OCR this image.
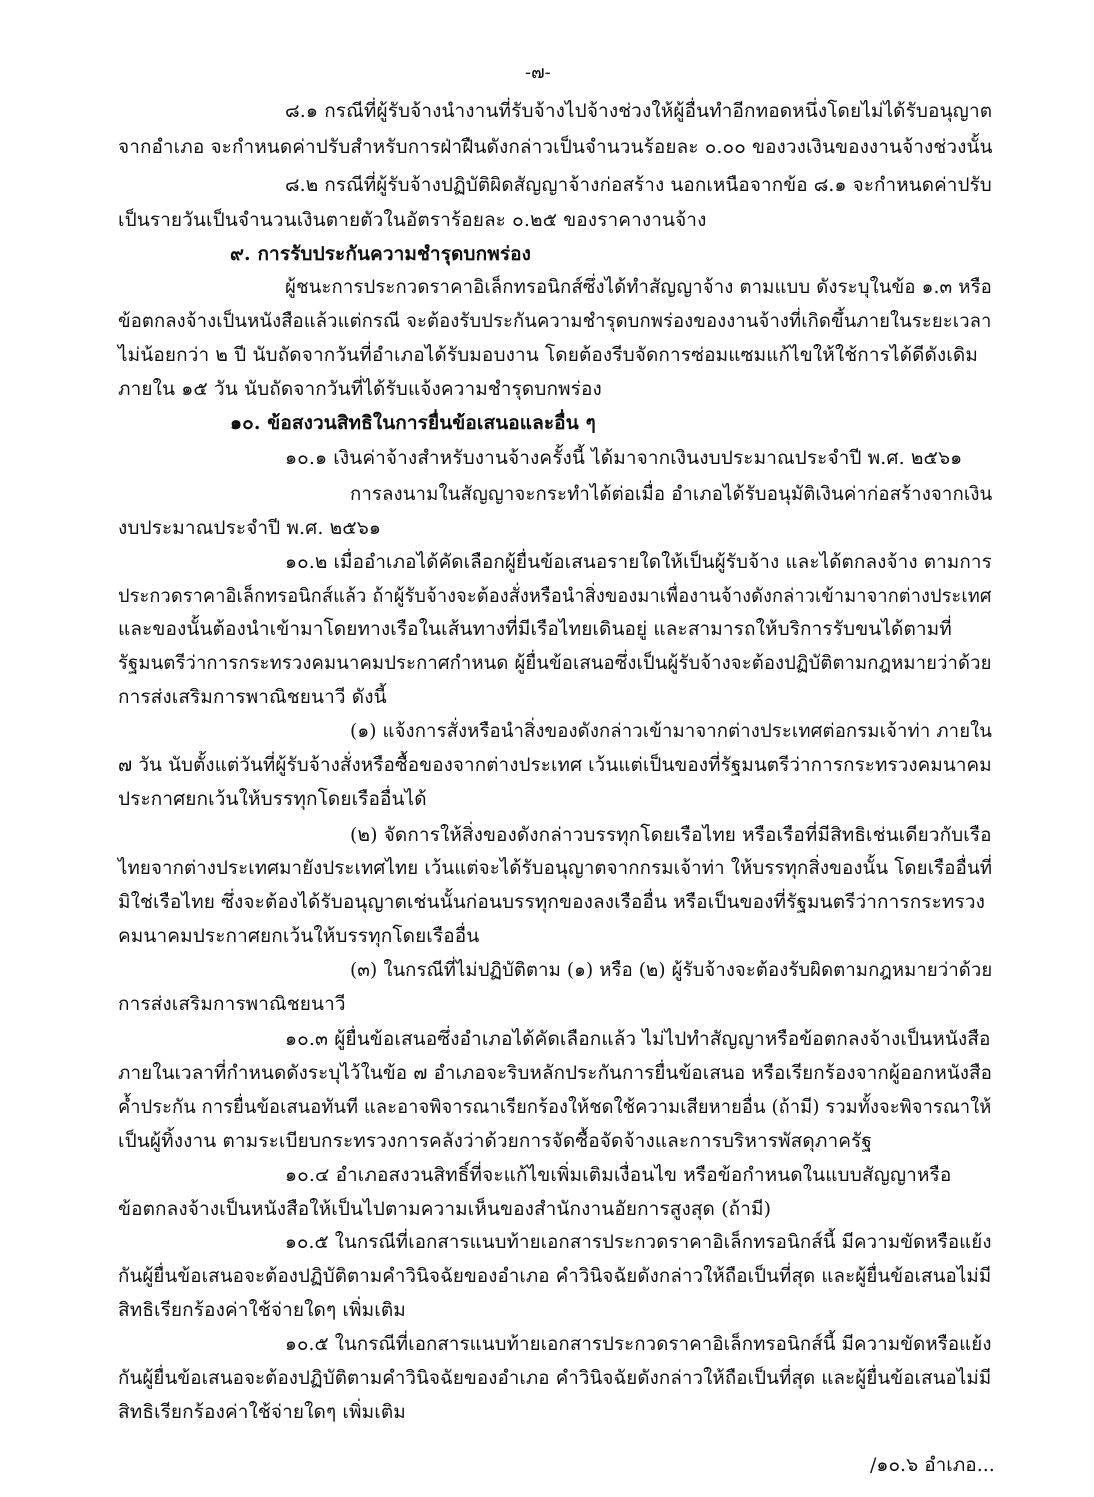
-๗-
๘.๑ กรณีที่ผู้รับจ้างนำงานที่รับจ้างไปจ้างช่วงให้ผู้อื่นทำอีกทอดหนึ่งโดยไม่ได้รับอนุญาต
จากอำเภอ จะกำหนดค่าปรับสำหรับการฝ่าฝืนดังกล่าวเป็นจำนวนร้อยละ ๐.๐๐ ของวงเงินของงานจ้างช่วงนั้น
๘.๒ กรณีที่ผู้รับจ้างปฏิบัติผิดสัญญาจ้างก่อสร้าง นอกเหนือจากข้อ ๘.๑ จะกำหนดค่าปรับ
เป็นรายวันเป็นจำนวนเงินตายตัวในอัตราร้อยละ ๐.๒๕ ของราคางานจ้าง
๙. การรับประกันความชำรุดบกพร่อง
ผู้ชนะการประกวดราคาอิเล็กทรอนิกส์ซึ่งได้ทำสัญญาจ้าง ตามแบบ ดังระบุในข้อ ๑.๓ หรือ
ข้อตกลงจ้างเป็นหนังสือแล้วแต่กรณี จะต้องรับประกันความชำรุดบกพร่องของงานจ้างที่เกิดขึ้นภายในระยะเวลา
ไม่น้อยกว่า ๒ ปี นับถัดจากวันที่อำเภอได้รับมอบงาน โดยต้องรีบจัดการซ่อมแซมแก้ไขให้ใช้การได้ดีดังเดิม
ภายใน ๑๕ วัน นับถัดจากวันที่ได้รับแจ้งความชำรุดบกพร่อง
๑๐. ข้อสงวนสิทธิในการยื่นข้อเสนอและอื่น ๆ
๑๐.๑ เงินค่าจ้างสำหรับงานจ้างครั้งนี้ ได้มาจากเงินงบประมาณประจำปี พ.ศ. ๒๕๖๑
การลงนามในสัญญาจะกระทำได้ต่อเมื่อ อำเภอได้รับอนุมัติเงินค่าก่อสร้างจากเงิน
งบประมาณประจำปี พ.ศ. ๒๕๖๑
๑๐.๒ เมื่ออำเภอได้คัดเลือกผู้ยื่นข้อเสนอรายใดให้เป็นผู้รับจ้าง และได้ตกลงจ้าง ตามการ
ประกวดราคาอิเล็กทรอนิกส์แล้ว ถ้าผู้รับจ้างจะต้องสั่งหรือนำสิ่งของมาเพื่องานจ้างดังกล่าวเข้ามาจากต่างประเทศ
และของนั้นต้องนำเข้ามาโดยทางเรือในเส้นทางที่มีเรือไทยเดินอยู่ และสามารถให้บริการรับขนได้ตามที่
รัฐมนตรีว่าการกระทรวงคมนาคมประกาศกำหนด ผู้ยื่นข้อเสนอซึ่งเป็นผู้รับจ้างจะต้องปฏิบัติตามกฎหมายว่าด้วย
การส่งเสริมการพาณิชยนาวี ดังนี้
(๑) แจ้งการสั่งหรือนำสิ่งของดังกล่าวเข้ามาจากต่างประเทศต่อกรมเจ้าท่า ภายใน
๗ วัน นับตั้งแต่วันที่ผู้รับจ้างสั่งหรือซื้อของจากต่างประเทศ เว้นแต่เป็นของที่รัฐมนตรีว่าการกระทรวงคมนาคม
ประกาศยกเว้นให้บรรทุกโดยเรืออื่นได้
(๒) จัดการให้สิ่งของดังกล่าวบรรทุกโดยเรือไทย หรือเรือที่มีสิทธิเช่นเดียวกับเรือ
ไทยจากต่างประเทศมายังประเทศไทย เว้นแต่จะได้รับอนุญาตจากกรมเจ้าท่า ให้บรรทุกสิ่งของนั้น โดยเรืออื่นที่
มิใช่เรือไทย ซึ่งจะต้องได้รับอนุญาตเช่นนั้นก่อนบรรทุกของลงเรืออื่น หรือเป็นของที่รัฐมนตรีว่าการกระทรวง
คมนาคมประกาศยกเว้นให้บรรทุกโดยเรืออื่น
(๓) ในกรณีที่ไม่ปฏิบัติตาม (๑) หรือ (๒) ผู้รับจ้างจะต้องรับผิดตามกฎหมายว่าด้วย
การส่งเสริมการพาณิชยนาวี
๑๐.๓ ผู้ยื่นข้อเสนอซึ่งอำเภอได้คัดเลือกแล้ว ไม่ไปทำสัญญาหรือข้อตกลงจ้างเป็นหนังสือ
ภายในเวลาที่กำหนดดังระบุไว้ในข้อ ๗ อำเภอจะริบหลักประกันการยื่นข้อเสนอ หรือเรียกร้องจากผู้ออกหนังสือ
ค้ำประกัน การยื่นข้อเสนอทันที และอาจพิจารณาเรียกร้องให้ชดใช้ความเสียหายอื่น (ถ้ามี) รวมทั้งจะพิจารณาให้
เป็นผู้ทิ้งงาน ตามระเบียบกระทรวงการคลังว่าด้วยการจัดซื้อจัดจ้างและการบริหารพัสดุภาครัฐ
๑๐.๔ อำเภอสงวนสิทธิ์ที่จะแก้ไขเพิ่มเติมเงื่อนไข หรือข้อกำหนดในแบบสัญญาหรือ
ข้อตกลงจ้างเป็นหนังสือให้เป็นไปตามความเห็นของสำนักงานอัยการสูงสุด (ถ้ามี)
๑๐.๕ ในกรณีที่เอกสารแนบท้ายเอกสารประกวดราคาอิเล็กทรอนิกส์นี้ มีความขัดหรือแย้ง
กันผู้ยื่นข้อเสนอจะต้องปฏิบัติตามคำวินิจฉัยของอำเภอ คำวินิจฉัยดังกล่าวให้ถือเป็นที่สุด และผู้ยื่นข้อเสนอไม่มี
สิทธิเรียกร้องค่าใช้จ่ายใดๆ เพิ่มเติม
๑๐.๕ ในกรณีที่เอกสารแนบท้ายเอกสารประกวดราคาอิเล็กทรอนิกส์นี้ มีความขัดหรือแย้ง
กันผู้ยื่นข้อเสนอจะต้องปฏิบัติตามคำวินิจฉัยของอำเภอ คำวินิจฉัยดังกล่าวให้ถือเป็นที่สุด และผู้ยื่นข้อเสนอไม่มี
สิทธิเรียกร้องค่าใช้จ่ายใดๆ เพิ่มเติม
/๑๐.๖ อำเภอ...
